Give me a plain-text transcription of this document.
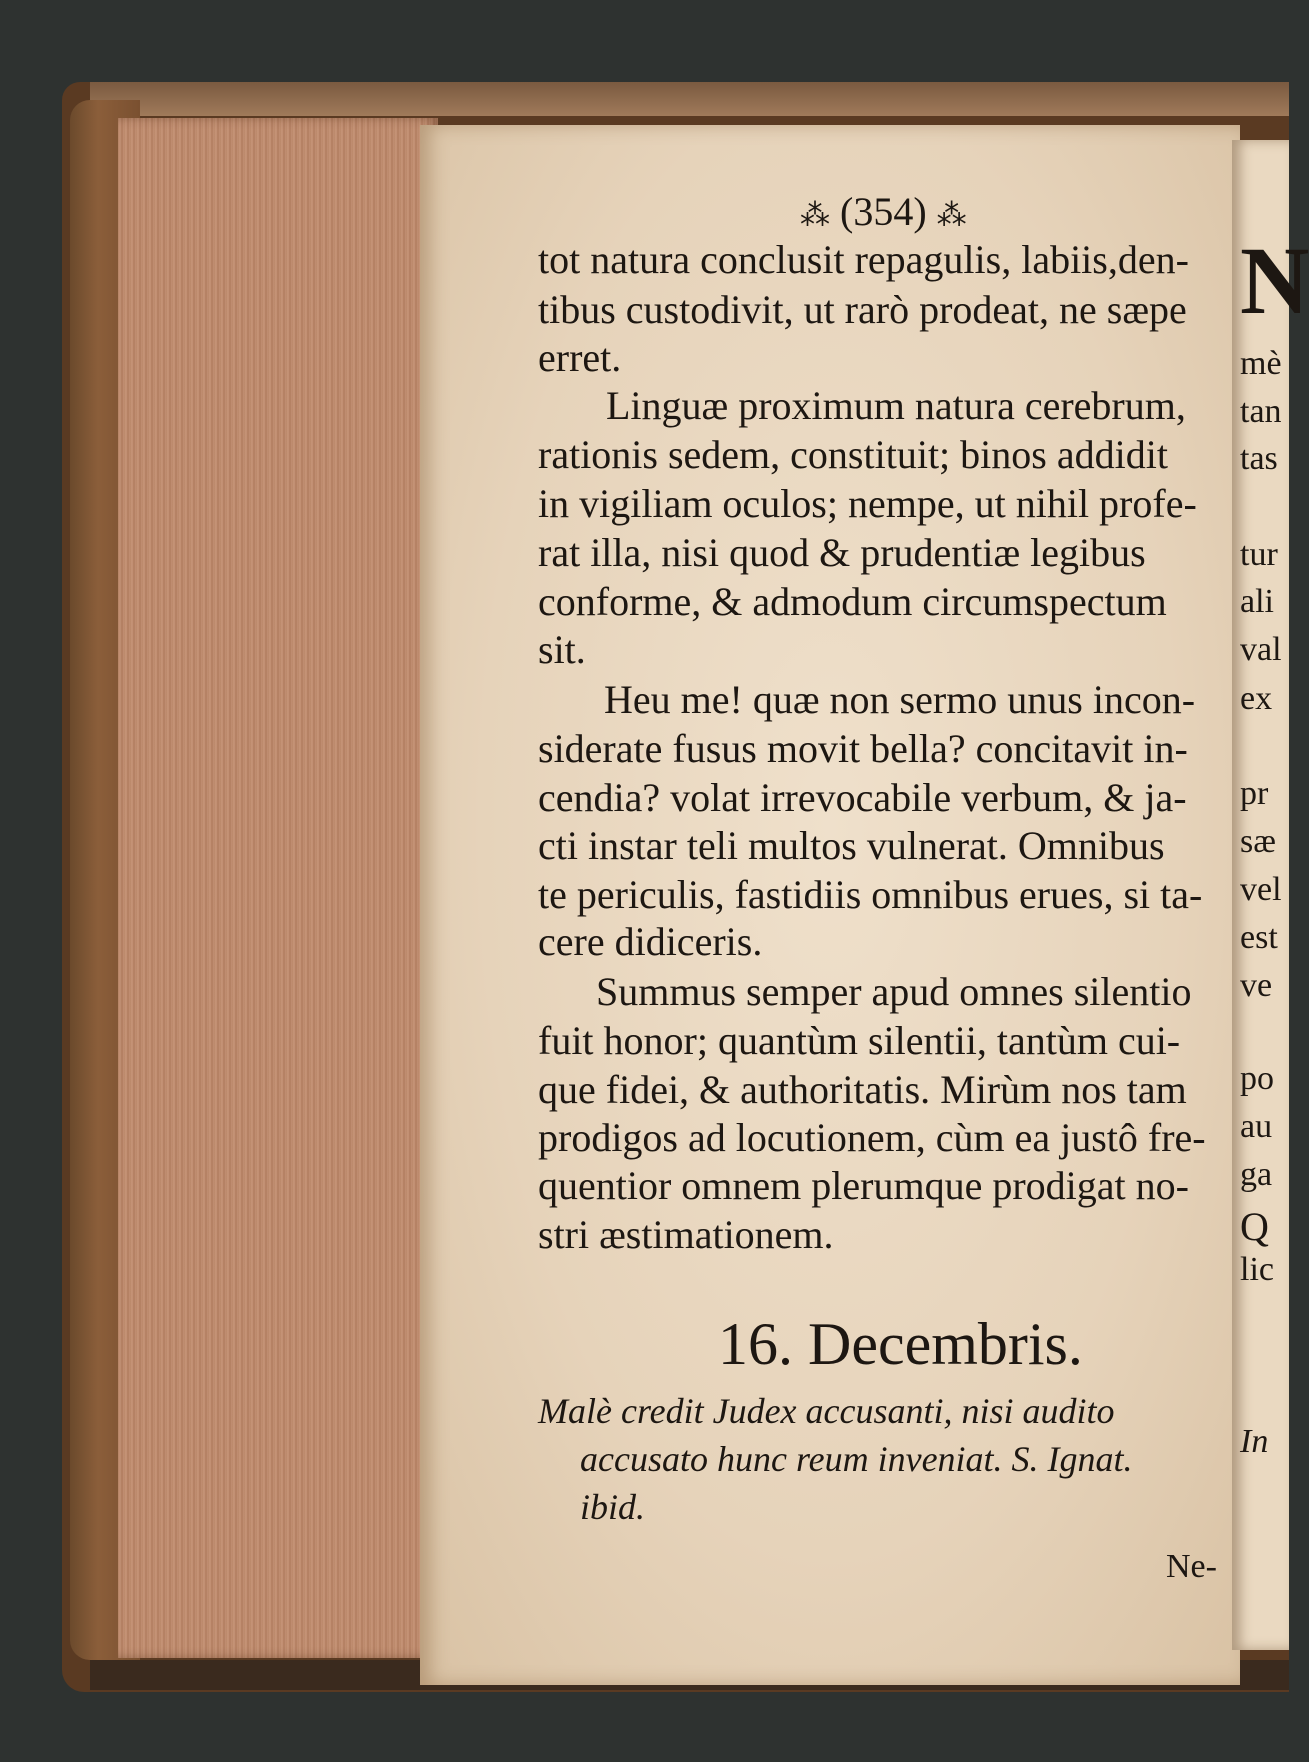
⁂ (354) ⁂
tot natura conclusit repagulis, labiis,den-
tibus custodivit, ut rarò prodeat, ne sæpe
erret.
Linguæ proximum natura cerebrum,
rationis sedem, constituit; binos addidit
in vigiliam oculos; nempe, ut nihil profe-
rat illa, nisi quod & prudentiæ legibus
conforme, & admodum circumspectum
sit.
Heu me! quæ non sermo unus incon-
siderate fusus movit bella? concitavit in-
cendia? volat irrevocabile verbum, & ja-
cti instar teli multos vulnerat. Omnibus
te periculis, fastidiis omnibus erues, si ta-
cere didiceris.
Summus semper apud omnes silentio
fuit honor; quantùm silentii, tantùm cui-
que fidei, & authoritatis. Mirùm nos tam
prodigos ad locutionem, cùm ea justô fre-
quentior omnem plerumque prodigat no-
stri æstimationem.
16. Decembris.
Malè credit Judex accusanti, nisi audito
accusato hunc reum inveniat. S. Ignat.
ibid.
Ne-
N
mè
tan
tas
tur
ali
val
ex
pr
sæ
vel
est
ve
po
au
ga
Q
lic
In
